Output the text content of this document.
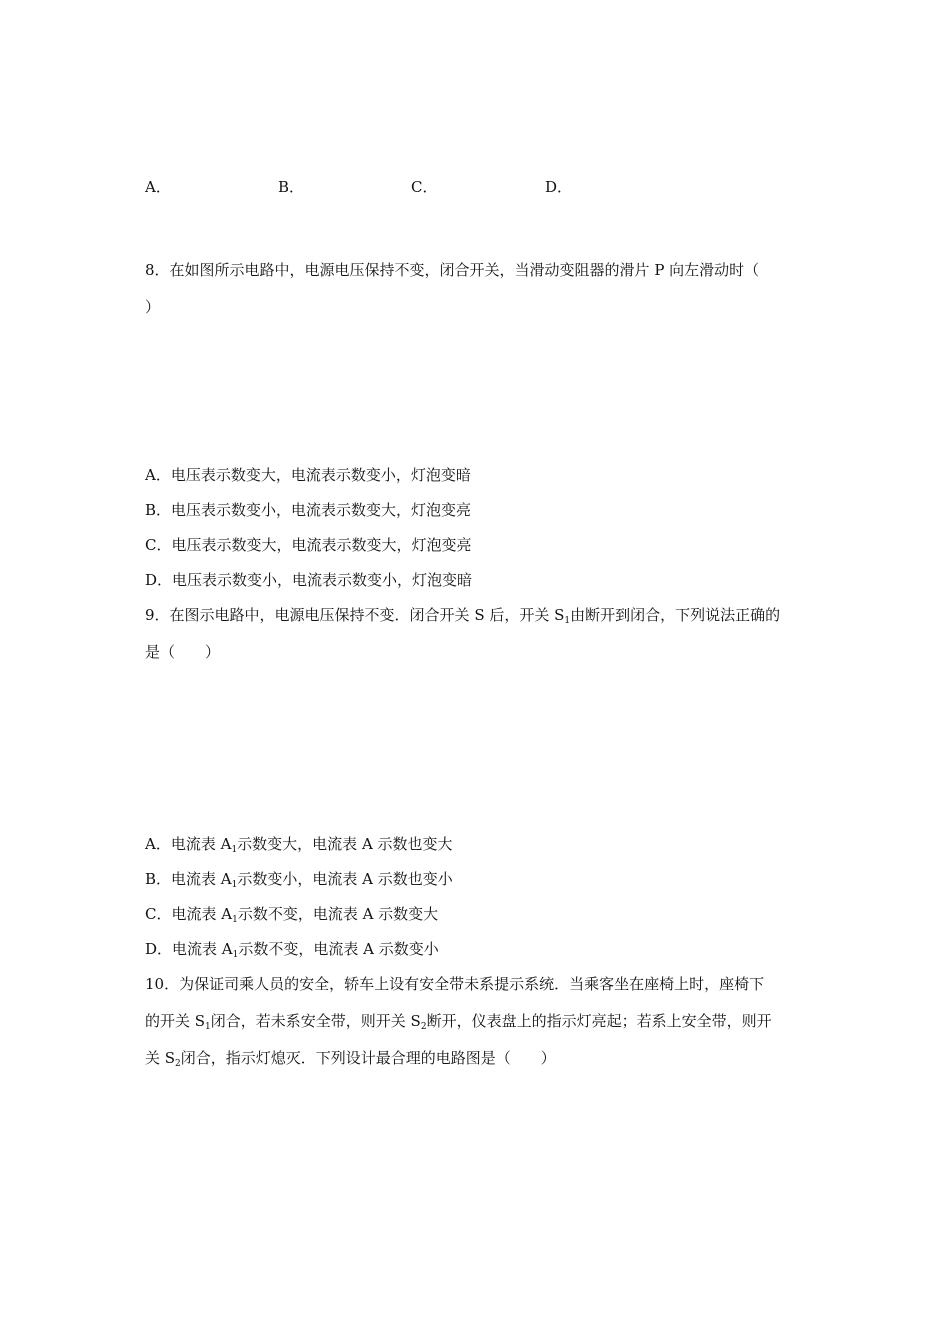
A．	B．	C．	D．
8．在如图所示电路中，电源电压保持不变，闭合开关，当滑动变阻器的滑片 P 向左滑动时（
）
A．电压表示数变大，电流表示数变小，灯泡变暗
B．电压表示数变小，电流表示数变大，灯泡变亮
C．电压表示数变大，电流表示数变大，灯泡变亮
D．电压表示数变小，电流表示数变小，灯泡变暗
9．在图示电路中，电源电压保持不变．闭合开关 S 后，开关 $S_1$由断开到闭合，下列说法正确的
是（　　）
A．电流表 $A_1$示数变大，电流表 A 示数也变大
B．电流表 $A_1$示数变小，电流表 A 示数也变小
C．电流表 $A_1$示数不变，电流表 A 示数变大
D．电流表 $A_1$示数不变，电流表 A 示数变小
10．为保证司乘人员的安全，轿车上设有安全带未系提示系统．当乘客坐在座椅上时，座椅下
的开关 $S_1$闭合，若未系安全带，则开关 $S_2$断开，仪表盘上的指示灯亮起；若系上安全带，则开
关 $S_2$闭合，指示灯熄灭．下列设计最合理的电路图是（　　）
